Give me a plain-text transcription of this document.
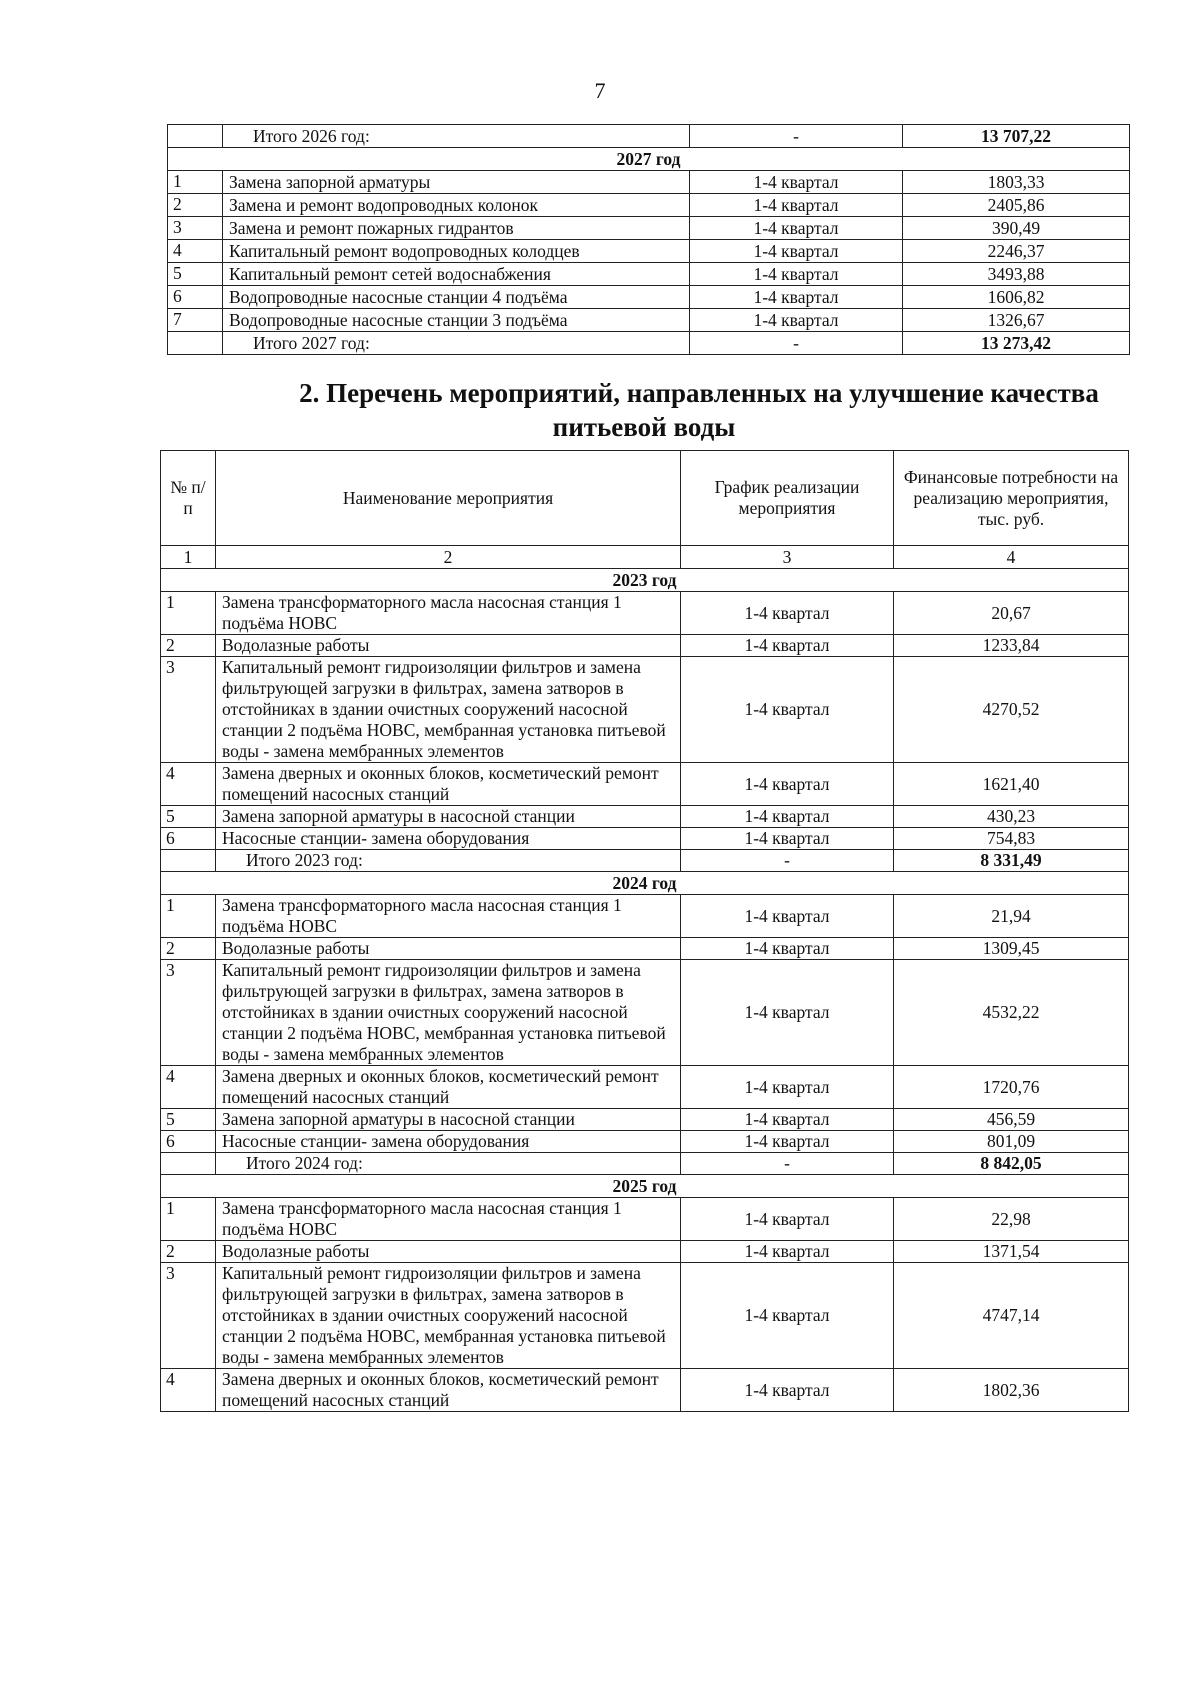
7
	Итого 2026 год:	-	13 707,22
2027 год			
1	Замена запорной арматуры	1-4 квартал	1803,33
2	Замена и ремонт водопроводных колонок	1-4 квартал	2405,86
3	Замена и ремонт пожарных гидрантов	1-4 квартал	390,49
4	Капитальный ремонт водопроводных колодцев	1-4 квартал	2246,37
5	Капитальный ремонт сетей водоснабжения	1-4 квартал	3493,88
6	Водопроводные насосные станции 4 подъёма	1-4 квартал	1606,82
7	Водопроводные насосные станции 3 подъёма	1-4 квартал	1326,67
	Итого 2027 год:	-	13 273,42
2. Перечень мероприятий, направленных на улучшение качества
питьевой воды
№ п/п	Наименование мероприятия	График реализации мероприятия	Финансовые потребности на реализацию мероприятия, тыс. руб.
1	2	3	4
2023 год			
1	Замена трансформаторного масла насосная станция 1 подъёма НОВС	1-4 квартал	20,67
2	Водолазные работы	1-4 квартал	1233,84
3	Капитальный ремонт гидроизоляции фильтров и замена фильтрующей загрузки в фильтрах, замена затворов в отстойниках в здании очистных сооружений насосной станции 2 подъёма НОВС, мембранная установка питьевой воды - замена мембранных элементов	1-4 квартал	4270,52
4	Замена дверных и оконных блоков, косметический ремонт помещений насосных станций	1-4 квартал	1621,40
5	Замена запорной арматуры в насосной станции	1-4 квартал	430,23
6	Насосные станции- замена оборудования	1-4 квартал	754,83
	Итого 2023 год:	-	8 331,49
2024 год			
1	Замена трансформаторного масла насосная станция 1 подъёма НОВС	1-4 квартал	21,94
2	Водолазные работы	1-4 квартал	1309,45
3	Капитальный ремонт гидроизоляции фильтров и замена фильтрующей загрузки в фильтрах, замена затворов в отстойниках в здании очистных сооружений насосной станции 2 подъёма НОВС, мембранная установка питьевой воды - замена мембранных элементов	1-4 квартал	4532,22
4	Замена дверных и оконных блоков, косметический ремонт помещений насосных станций	1-4 квартал	1720,76
5	Замена запорной арматуры в насосной станции	1-4 квартал	456,59
6	Насосные станции- замена оборудования	1-4 квартал	801,09
	Итого 2024 год:	-	8 842,05
2025 год			
1	Замена трансформаторного масла насосная станция 1 подъёма НОВС	1-4 квартал	22,98
2	Водолазные работы	1-4 квартал	1371,54
3	Капитальный ремонт гидроизоляции фильтров и замена фильтрующей загрузки в фильтрах, замена затворов в отстойниках в здании очистных сооружений насосной станции 2 подъёма НОВС, мембранная установка питьевой воды - замена мембранных элементов	1-4 квартал	4747,14
4	Замена дверных и оконных блоков, косметический ремонт помещений насосных станций	1-4 квартал	1802,36
